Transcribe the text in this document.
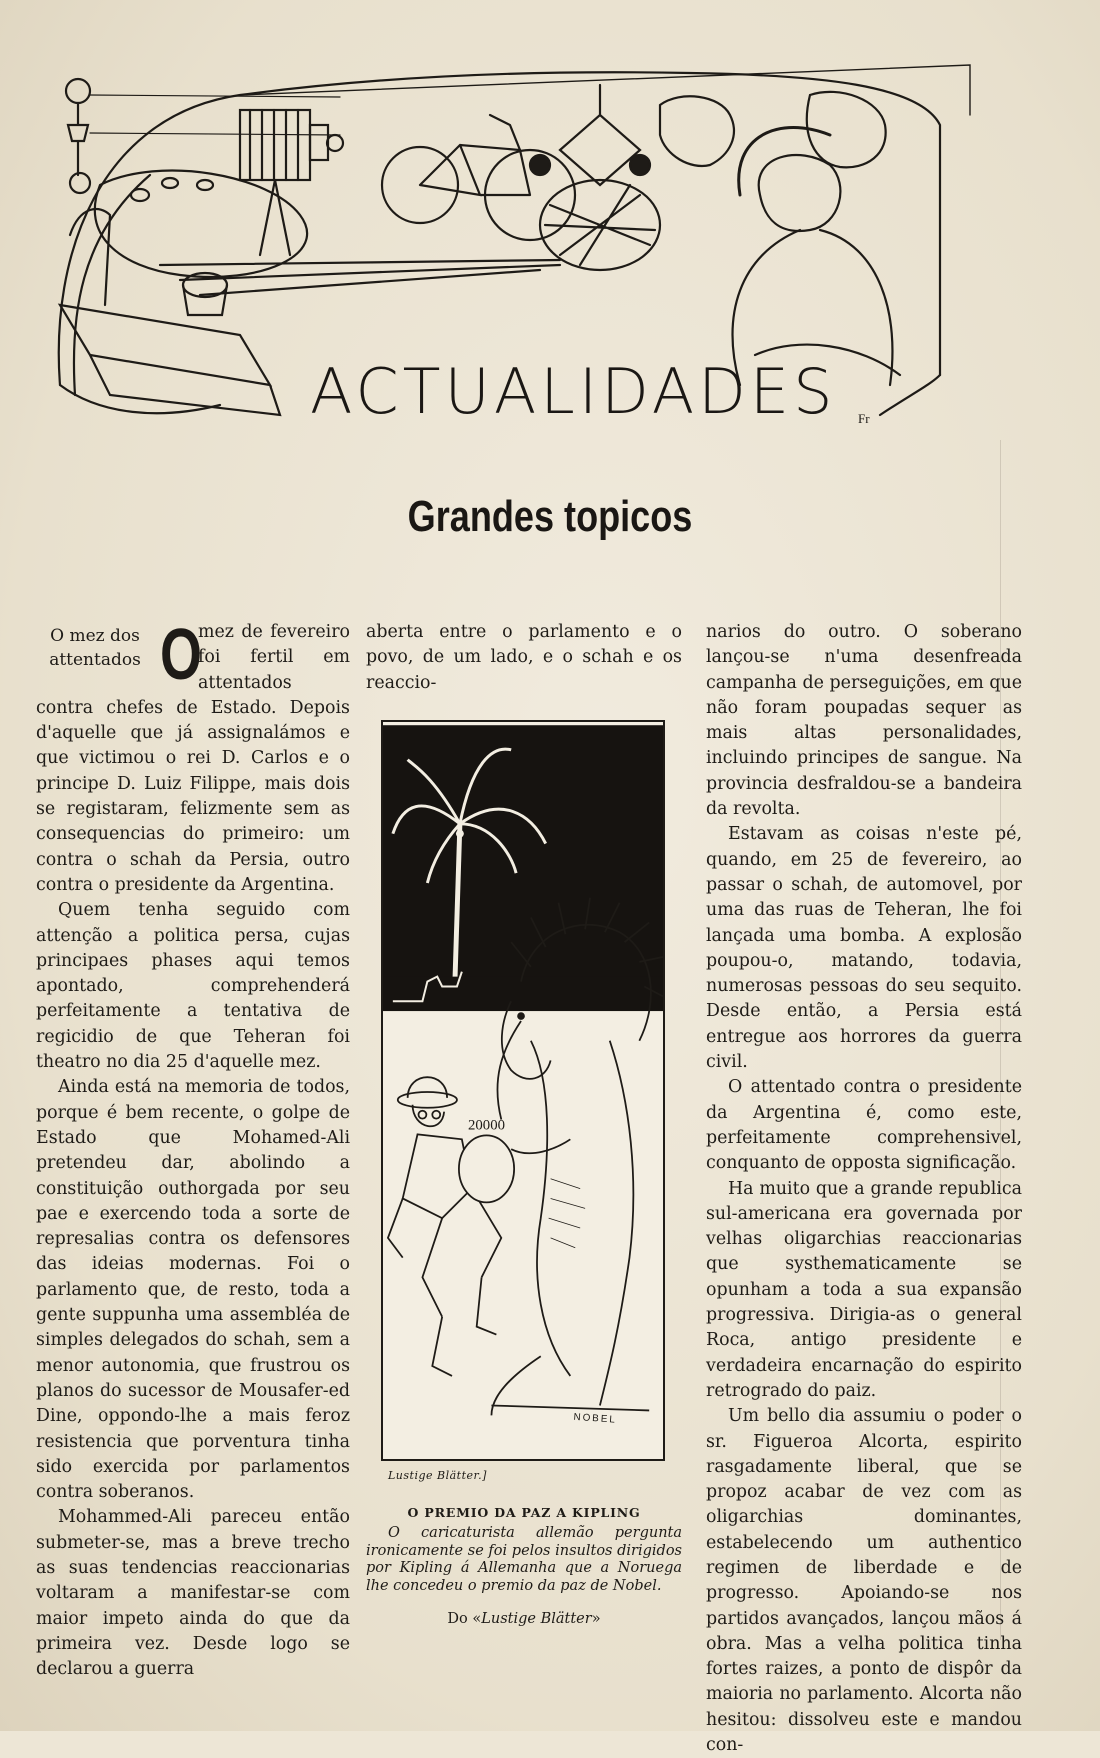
Fr
ACTUALIDADES
Grandes topicos

O mez dos attentados O
mez de fevereiro foi fertil em attentados contra chefes de Estado. Depois d'aquelle que já assignalámos e que victimou o rei D. Carlos e o principe D. Luiz Filippe, mais dois se registaram, felizmente sem as consequencias do primeiro: um contra o schah da Persia, outro contra o presidente da Argentina.

Quem tenha seguido com attenção a politica persa, cujas principaes phases aqui temos apontado, comprehenderá perfeitamente a tentativa de regicidio de que Teheran foi theatro no dia 25 d'aquelle mez.

Ainda está na memoria de todos, porque é bem recente, o golpe de Estado que Mohamed-Ali pretendeu dar, abolindo a constituição outhorgada por seu pae e exercendo toda a sorte de represalias contra os defensores das ideias modernas. Foi o parlamento que, de resto, toda a gente suppunha uma assembléa de simples delegados do schah, sem a menor autonomia, que frustrou os planos do sucessor de Mousafer-ed Dine, oppondo-lhe a mais feroz resistencia que porventura tinha sido exercida por parlamentos contra soberanos.

Mohammed-Ali pareceu então submeter-se, mas a breve trecho as suas tendencias reaccionarias voltaram a manifestar-se com maior impeto ainda do que da primeira vez. Desde logo se declarou a guerra

aberta entre o parlamento e o povo, de um lado, e o schah e os reaccio-

20000
NOBEL
Lustige Blätter.]
O PREMIO DA PAZ A KIPLING

O caricaturista allemão pergunta ironicamente se foi pelos insultos dirigidos por Kipling á Allemanha que a Noruega lhe concedeu o premio da paz de Nobel.

Do «Lustige Blätter»

narios do outro. O soberano lançou-se n'uma desenfreada campanha de perseguições, em que não foram poupadas sequer as mais altas personalidades, incluindo principes de sangue. Na provincia desfraldou-se a bandeira da revolta.

Estavam as coisas n'este pé, quando, em 25 de fevereiro, ao passar o schah, de automovel, por uma das ruas de Teheran, lhe foi lançada uma bomba. A explosão poupou-o, matando, todavia, numerosas pessoas do seu sequito. Desde então, a Persia está entregue aos horrores da guerra civil.

O attentado contra o presidente da Argentina é, como este, perfeitamente comprehensivel, conquanto de opposta significação.

Ha muito que a grande republica sul-americana era governada por velhas oligarchias reaccionarias que systhematicamente se opunham a toda a sua expansão progressiva. Dirigia-as o general Roca, antigo presidente e verdadeira encarnação do espirito retrogrado do paiz.

Um bello dia assumiu o poder o sr. Figueroa Alcorta, espirito rasgadamente liberal, que se propoz acabar de vez com as oligarchias dominantes, estabelecendo um authentico regimen de liberdade e de progresso. Apoiando-se nos partidos avançados, lançou mãos á obra. Mas a velha politica tinha fortes raizes, a ponto de dispôr da maioria no parlamento. Alcorta não hesitou: dissolveu este e mandou con-
